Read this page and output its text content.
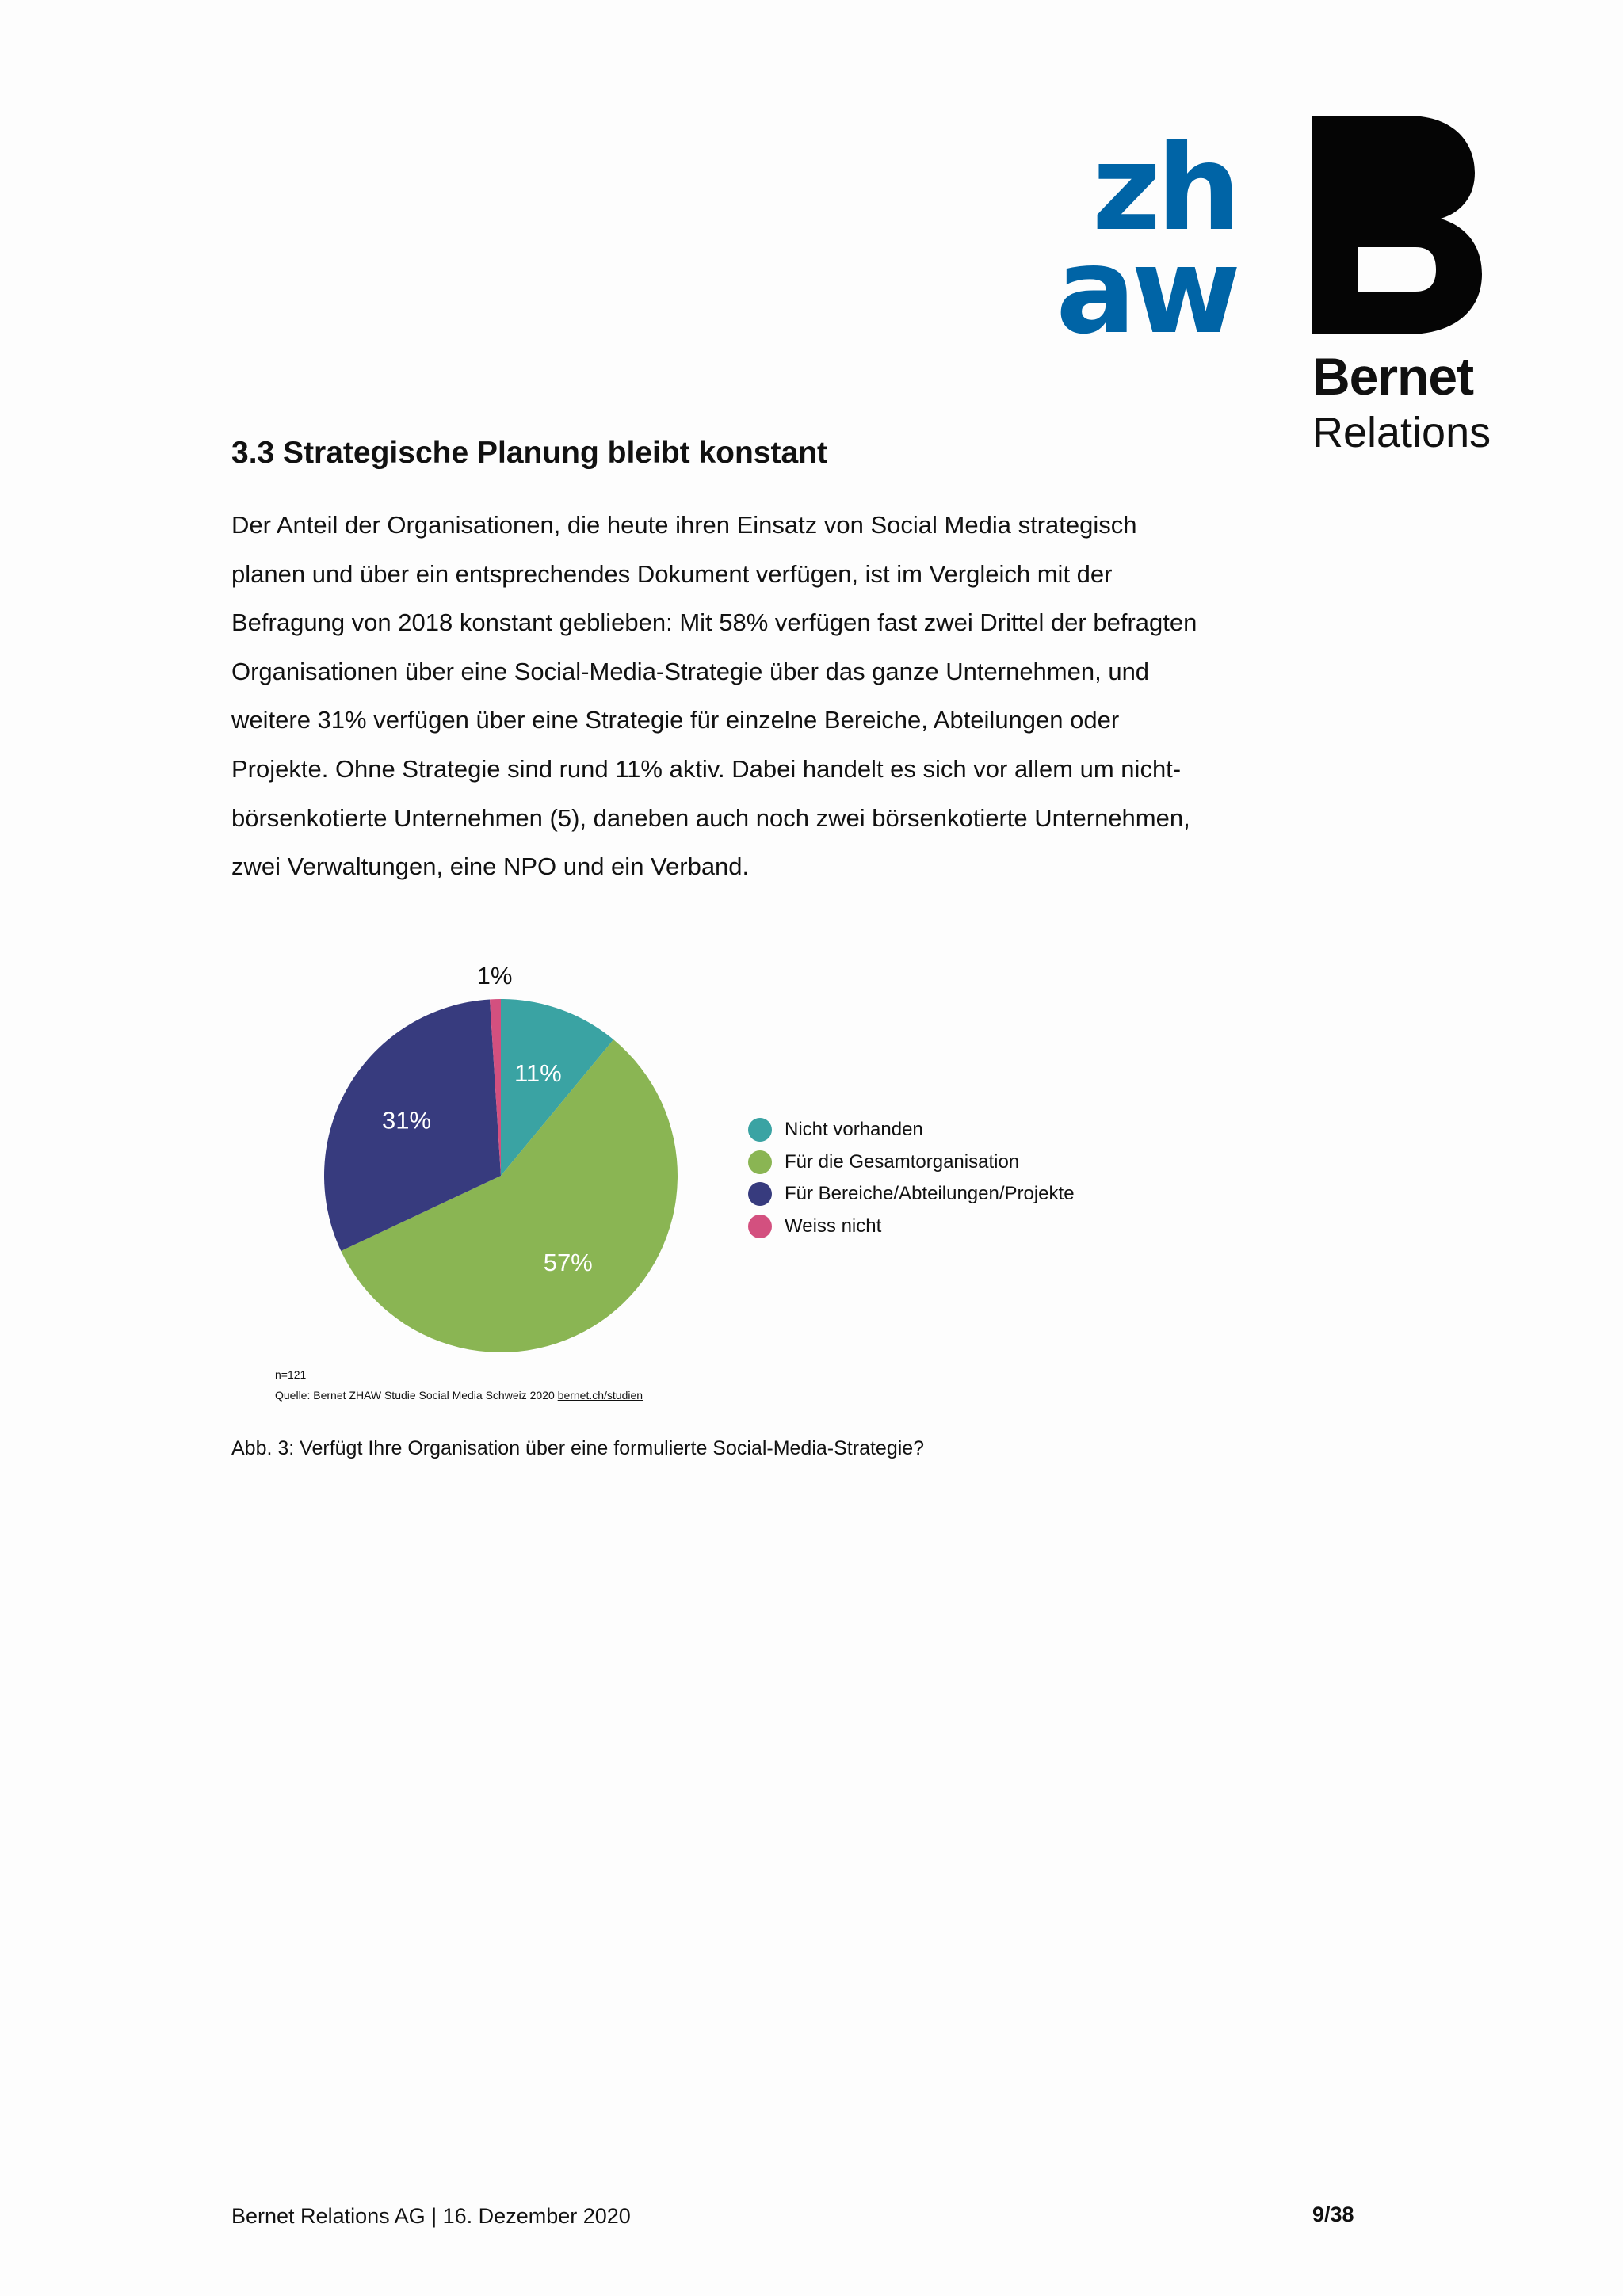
zh
aw
Bernet
Relations
3.3 Strategische Planung bleibt konstant

Der Anteil der Organisationen, die heute ihren Einsatz von Social Media strategisch

planen und über ein entsprechendes Dokument verfügen, ist im Vergleich mit der

Befragung von 2018 konstant geblieben: Mit 58% verfügen fast zwei Drittel der befragten

Organisationen über eine Social-Media-Strategie über das ganze Unternehmen, und

weitere 31% verfügen über eine Strategie für einzelne Bereiche, Abteilungen oder

Projekte. Ohne Strategie sind rund 11% aktiv. Dabei handelt es sich vor allem um nicht-

börsenkotierte Unternehmen (5), daneben auch noch zwei börsenkotierte Unternehmen,

zwei Verwaltungen, eine NPO und ein Verband.

11%
57%
31%
1%
Nicht vorhanden
Für die Gesamtorganisation
Für Bereiche/Abteilungen/Projekte
Weiss nicht
n=121
Quelle: Bernet ZHAW Studie Social Media Schweiz 2020 bernet.ch/studien
Abb. 3: Verfügt Ihre Organisation über eine formulierte Social-Media-Strategie?
Bernet Relations AG | 16. Dezember 2020	9/38
